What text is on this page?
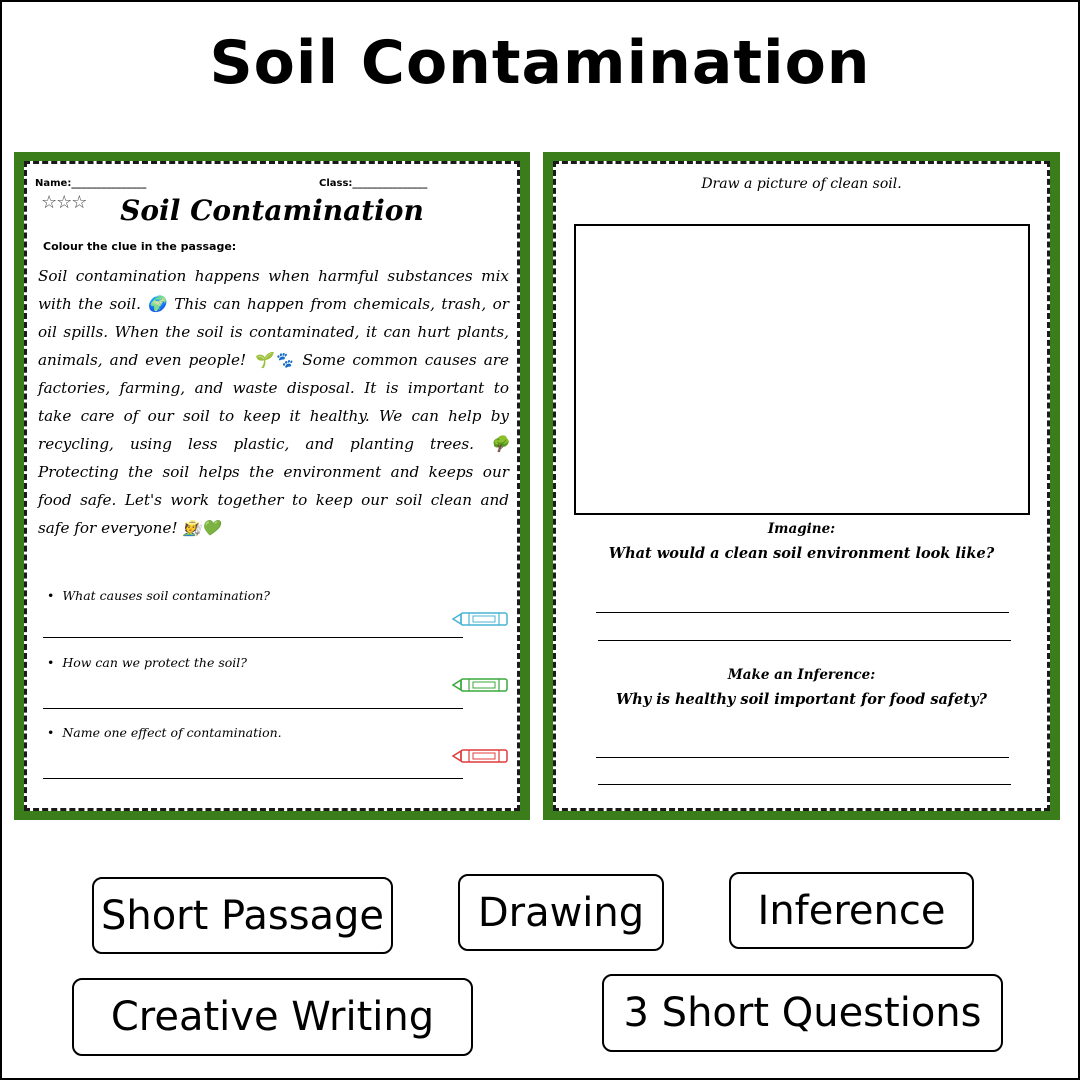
Soil Contamination
Name:_______________	Class:_______________
☆☆☆	Soil Contamination
Colour the clue in the passage:
Soil contamination happens when harmful substances mix with the soil. 🌍 This can happen from chemicals, trash, or oil spills. When the soil is contaminated, it can hurt plants, animals, and even people! 🌱🐾 Some common causes are factories, farming, and waste disposal. It is important to take care of our soil to keep it healthy. We can help by recycling, using less plastic, and planting trees. 🌳 Protecting the soil helps the environment and keeps our food safe. Let's work together to keep our soil clean and safe for everyone! 🧑‍🌾💚
•  What causes soil contamination?
•  How can we protect the soil?
•  Name one effect of contamination.
Draw a picture of clean soil.
Imagine:
What would a clean soil environment look like?
Make an Inference:
Why is healthy soil important for food safety?
Short Passage	Drawing	Inference
Creative Writing	3 Short Questions
